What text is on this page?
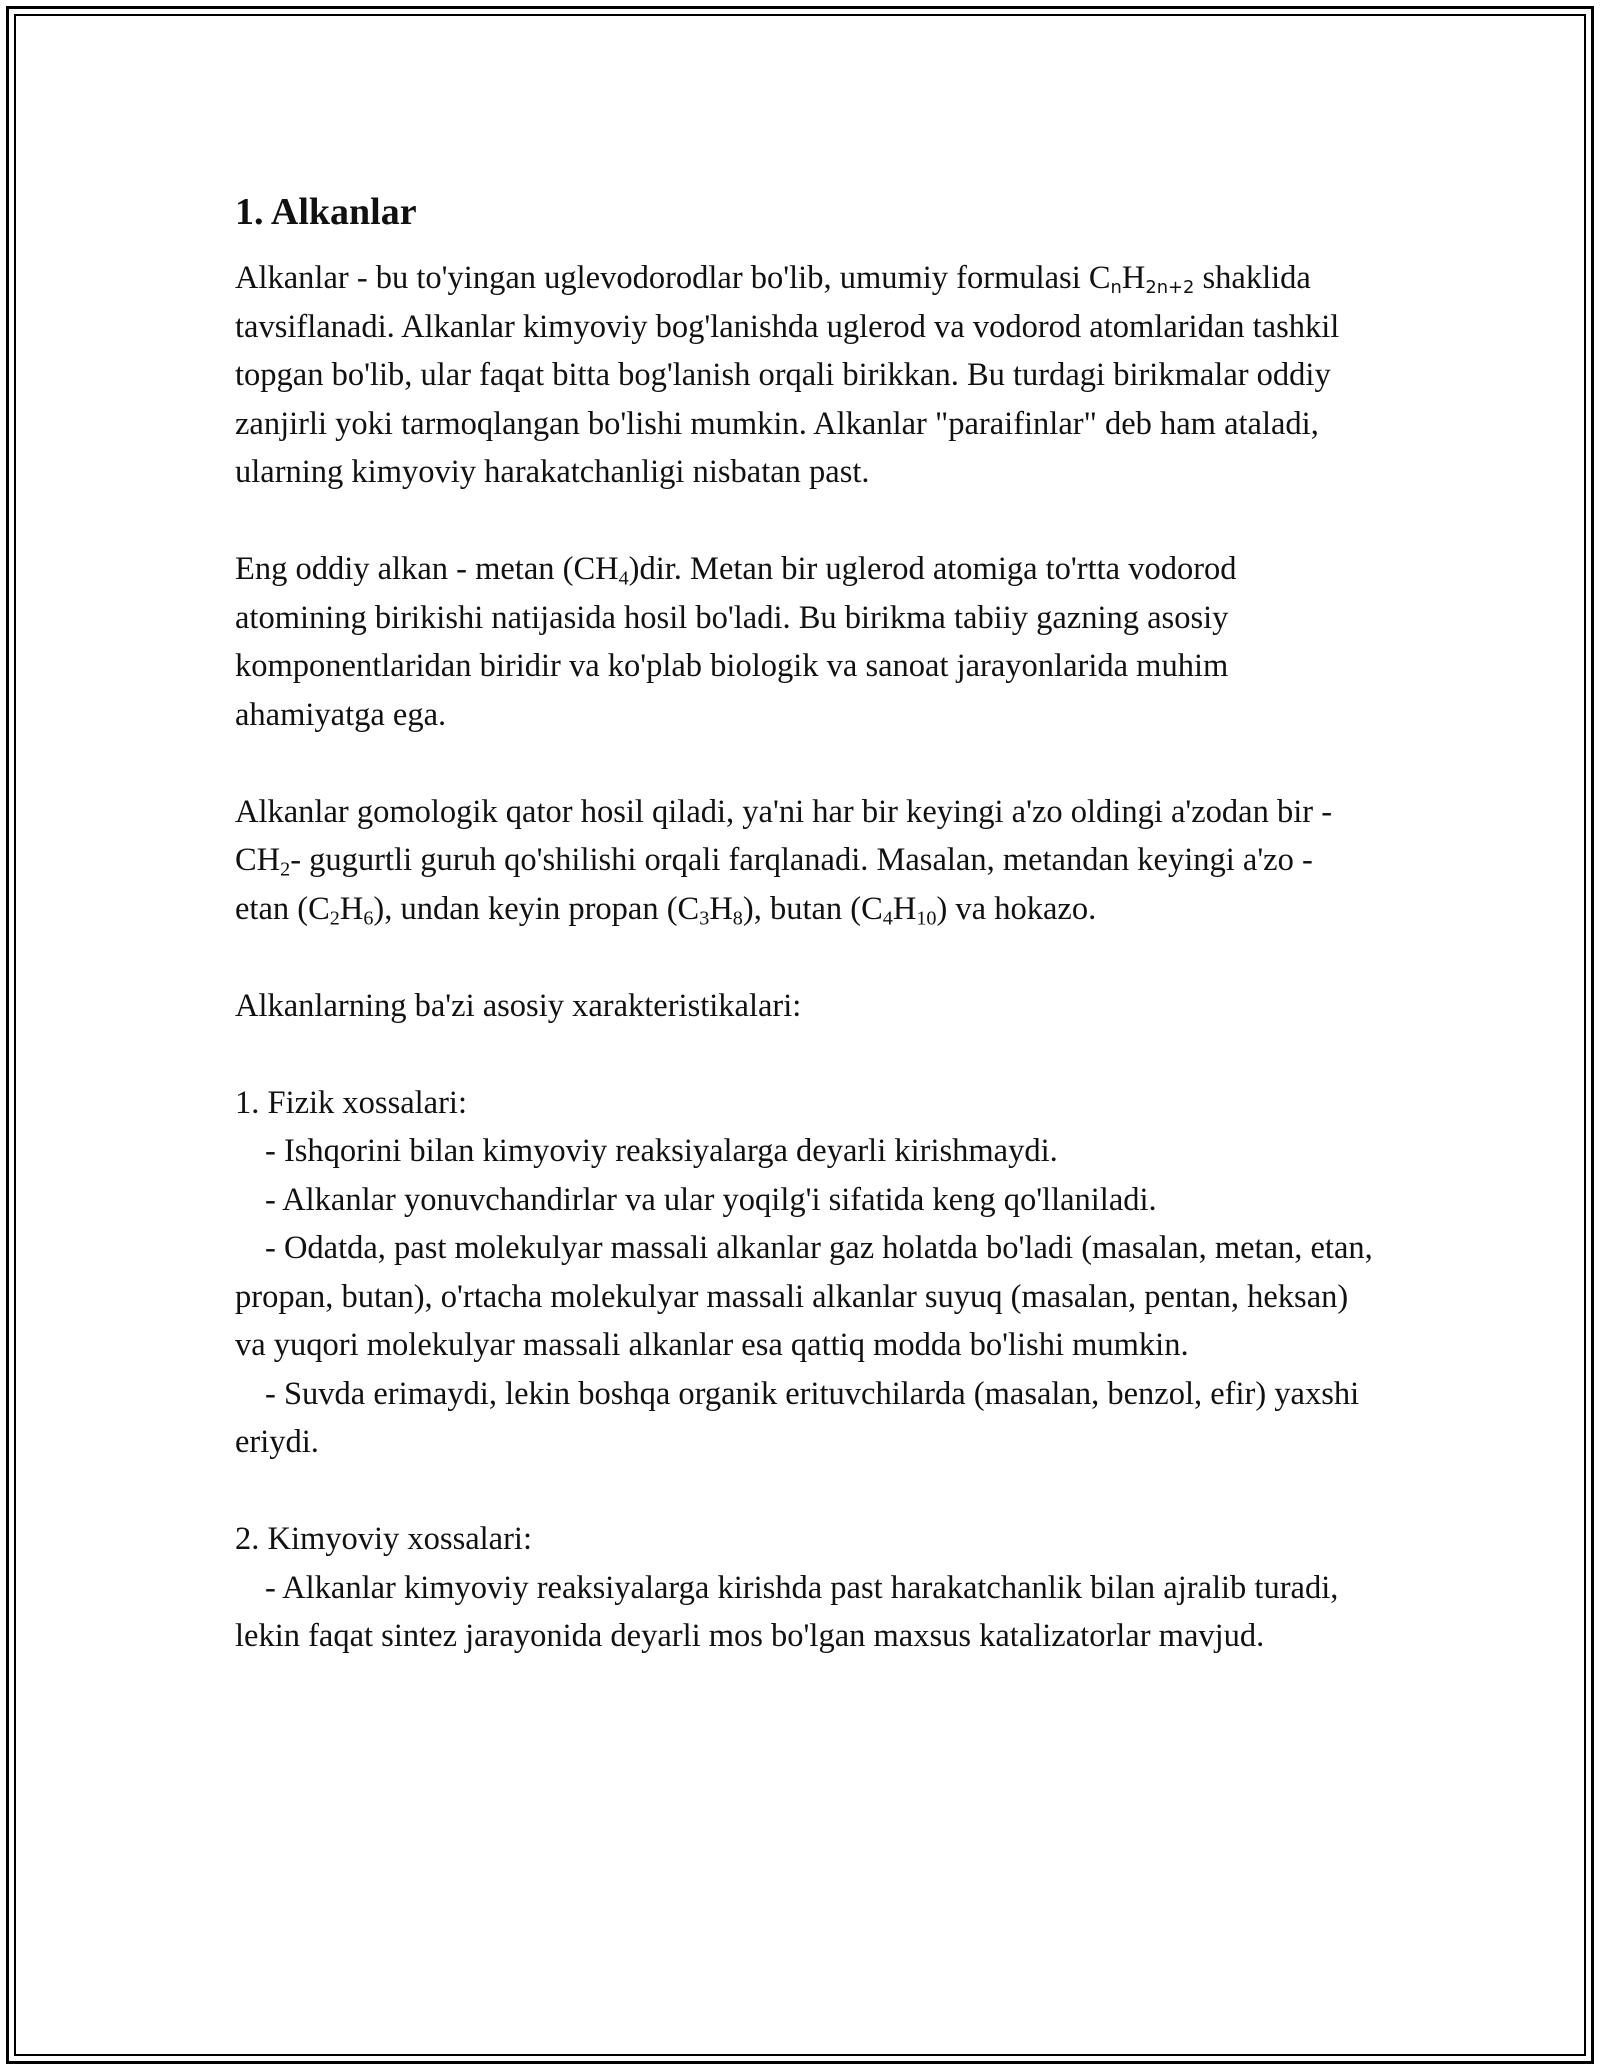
1. Alkanlar

Alkanlar - bu to'yingan uglevodorodlar bo'lib, umumiy formulasi $C_nH_{2n+2}$ shaklida tavsiflanadi. Alkanlar kimyoviy bog'lanishda uglerod va vodorod atomlaridan tashkil topgan bo'lib, ular faqat bitta bog'lanish orqali birikkan. Bu turdagi birikmalar oddiy zanjirli yoki tarmoqlangan bo'lishi mumkin. Alkanlar "paraifinlar" deb ham ataladi, ularning kimyoviy harakatchanligi nisbatan past.

Eng oddiy alkan - metan $(CH_4)dir$. Metan bir uglerod atomiga to'rtta vodorod atomining birikishi natijasida hosil bo'ladi. Bu birikma tabiiy gazning asosiy komponentlaridan biridir va ko'plab biologik va sanoat jarayonlarida muhim ahamiyatga ega.

Alkanlar gomologik qator hosil qiladi, ya'ni har bir keyingi a'zo oldingi a'zodan bir $-CH_2-$ gugurtli guruh qo'shilishi orqali farqlanadi. Masalan, metandan keyingi a'zo - etan $(C_2H_6)$, undan keyin propan $(C_3H_8)$, butan $(C_4H_{10})$ va hokazo.

Alkanlarning ba'zi asosiy xarakteristikalari:

1. Fizik xossalari:

- Ishqorini bilan kimyoviy reaksiyalarga deyarli kirishmaydi.

- Alkanlar yonuvchandirlar va ular yoqilg'i sifatida keng qo'llaniladi.

- Odatda, past molekulyar massali alkanlar gaz holatda bo'ladi (masalan, metan, etan, propan, butan), o'rtacha molekulyar massali alkanlar suyuq (masalan, pentan, heksan) va yuqori molekulyar massali alkanlar esa qattiq modda bo'lishi mumkin.

- Suvda erimaydi, lekin boshqa organik erituvchilarda (masalan, benzol, efir) yaxshi eriydi.

2. Kimyoviy xossalari:

- Alkanlar kimyoviy reaksiyalarga kirishda past harakatchanlik bilan ajralib turadi, lekin faqat sintez jarayonida deyarli mos bo'lgan maxsus katalizatorlar mavjud.
